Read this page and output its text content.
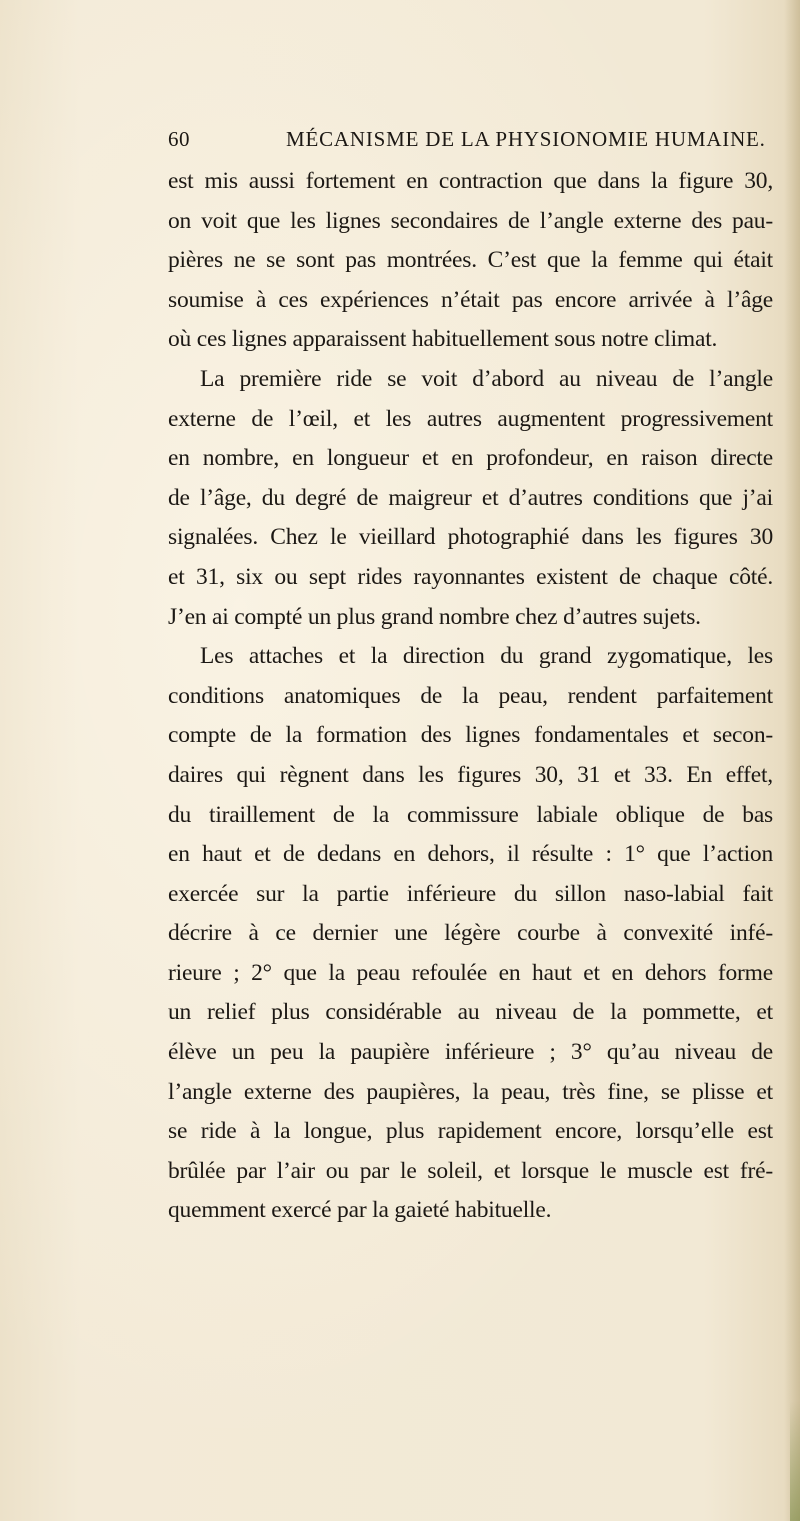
60	MÉCANISME DE LA PHYSIONOMIE HUMAINE.
est mis aussi fortement en contraction que dans la figure 30,
on voit que les lignes secondaires de l’angle externe des pau-
pières ne se sont pas montrées. C’est que la femme qui était
soumise à ces expériences n’était pas encore arrivée à l’âge
où ces lignes apparaissent habituellement sous notre climat.
La première ride se voit d’abord au niveau de l’angle
externe de l’œil, et les autres augmentent progressivement
en nombre, en longueur et en profondeur, en raison directe
de l’âge, du degré de maigreur et d’autres conditions que j’ai
signalées. Chez le vieillard photographié dans les figures 30
et 31, six ou sept rides rayonnantes existent de chaque côté.
J’en ai compté un plus grand nombre chez d’autres sujets.
Les attaches et la direction du grand zygomatique, les
conditions anatomiques de la peau, rendent parfaitement
compte de la formation des lignes fondamentales et secon-
daires qui règnent dans les figures 30, 31 et 33. En effet,
du tiraillement de la commissure labiale oblique de bas
en haut et de dedans en dehors, il résulte : 1° que l’action
exercée sur la partie inférieure du sillon naso-labial fait
décrire à ce dernier une légère courbe à convexité infé-
rieure ; 2° que la peau refoulée en haut et en dehors forme
un relief plus considérable au niveau de la pommette, et
élève un peu la paupière inférieure ; 3° qu’au niveau de
l’angle externe des paupières, la peau, très fine, se plisse et
se ride à la longue, plus rapidement encore, lorsqu’elle est
brûlée par l’air ou par le soleil, et lorsque le muscle est fré-
quemment exercé par la gaieté habituelle.
